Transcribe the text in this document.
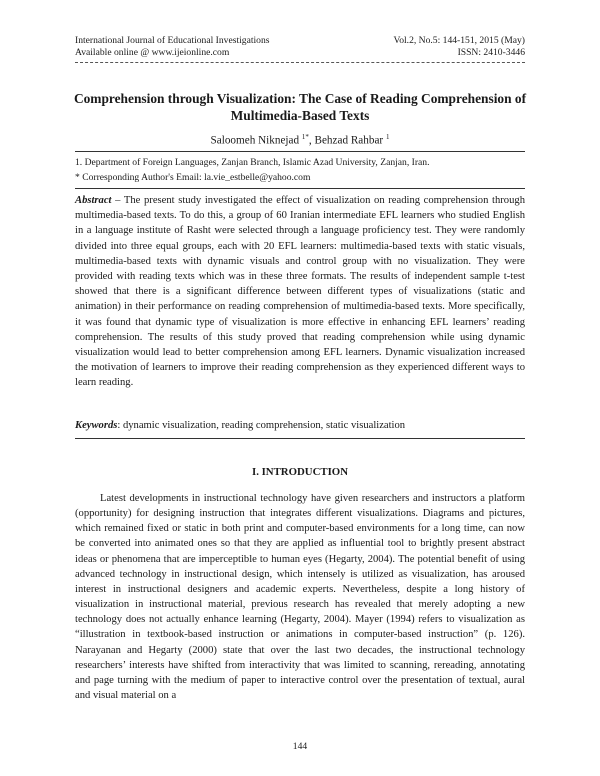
International Journal of Educational Investigations
Available online @ www.ijeionline.com
Vol.2, No.5: 144-151, 2015 (May)
ISSN: 2410-3446
Comprehension through Visualization: The Case of Reading Comprehension of Multimedia-Based Texts
Saloomeh Niknejad $^{1*}$, Behzad Rahbar $^1$
1. Department of Foreign Languages, Zanjan Branch, Islamic Azad University, Zanjan, Iran.
* Corresponding Author's Email: la.vie_estbelle@yahoo.com
Abstract – The present study investigated the effect of visualization on reading comprehension through multimedia-based texts. To do this, a group of 60 Iranian intermediate EFL learners who studied English in a language institute of Rasht were selected through a language proficiency test. They were randomly divided into three equal groups, each with 20 EFL learners: multimedia-based texts with static visuals, multimedia-based texts with dynamic visuals and control group with no visualization. They were provided with reading texts which was in these three formats. The results of independent sample t-test showed that there is a significant difference between different types of visualizations (static and animation) in their performance on reading comprehension of multimedia-based texts. More specifically, it was found that dynamic type of visualization is more effective in enhancing EFL learners’ reading comprehension. The results of this study proved that reading comprehension while using dynamic visualization would lead to better comprehension among EFL learners. Dynamic visualization increased the motivation of learners to improve their reading comprehension as they experienced different ways to learn reading.
Keywords: dynamic visualization, reading comprehension, static visualization
I. INTRODUCTION
Latest developments in instructional technology have given researchers and instructors a platform (opportunity) for designing instruction that integrates different visualizations. Diagrams and pictures, which remained fixed or static in both print and computer-based environments for a long time, can now be converted into animated ones so that they are applied as influential tool to brightly present abstract ideas or phenomena that are imperceptible to human eyes (Hegarty, 2004). The potential benefit of using advanced technology in instructional design, which intensely is utilized as visualization, has aroused interest in instructional designers and academic experts. Nevertheless, despite a long history of visualization in instructional material, previous research has revealed that merely adopting a new technology does not actually enhance learning (Hegarty, 2004). Mayer (1994) refers to visualization as “illustration in textbook-based instruction or animations in computer-based instruction” (p. 126). Narayanan and Hegarty (2000) state that over the last two decades, the instructional technology researchers’ interests have shifted from interactivity that was limited to scanning, rereading, annotating and page turning with the medium of paper to interactive control over the presentation of textual, aural and visual material on a
144
